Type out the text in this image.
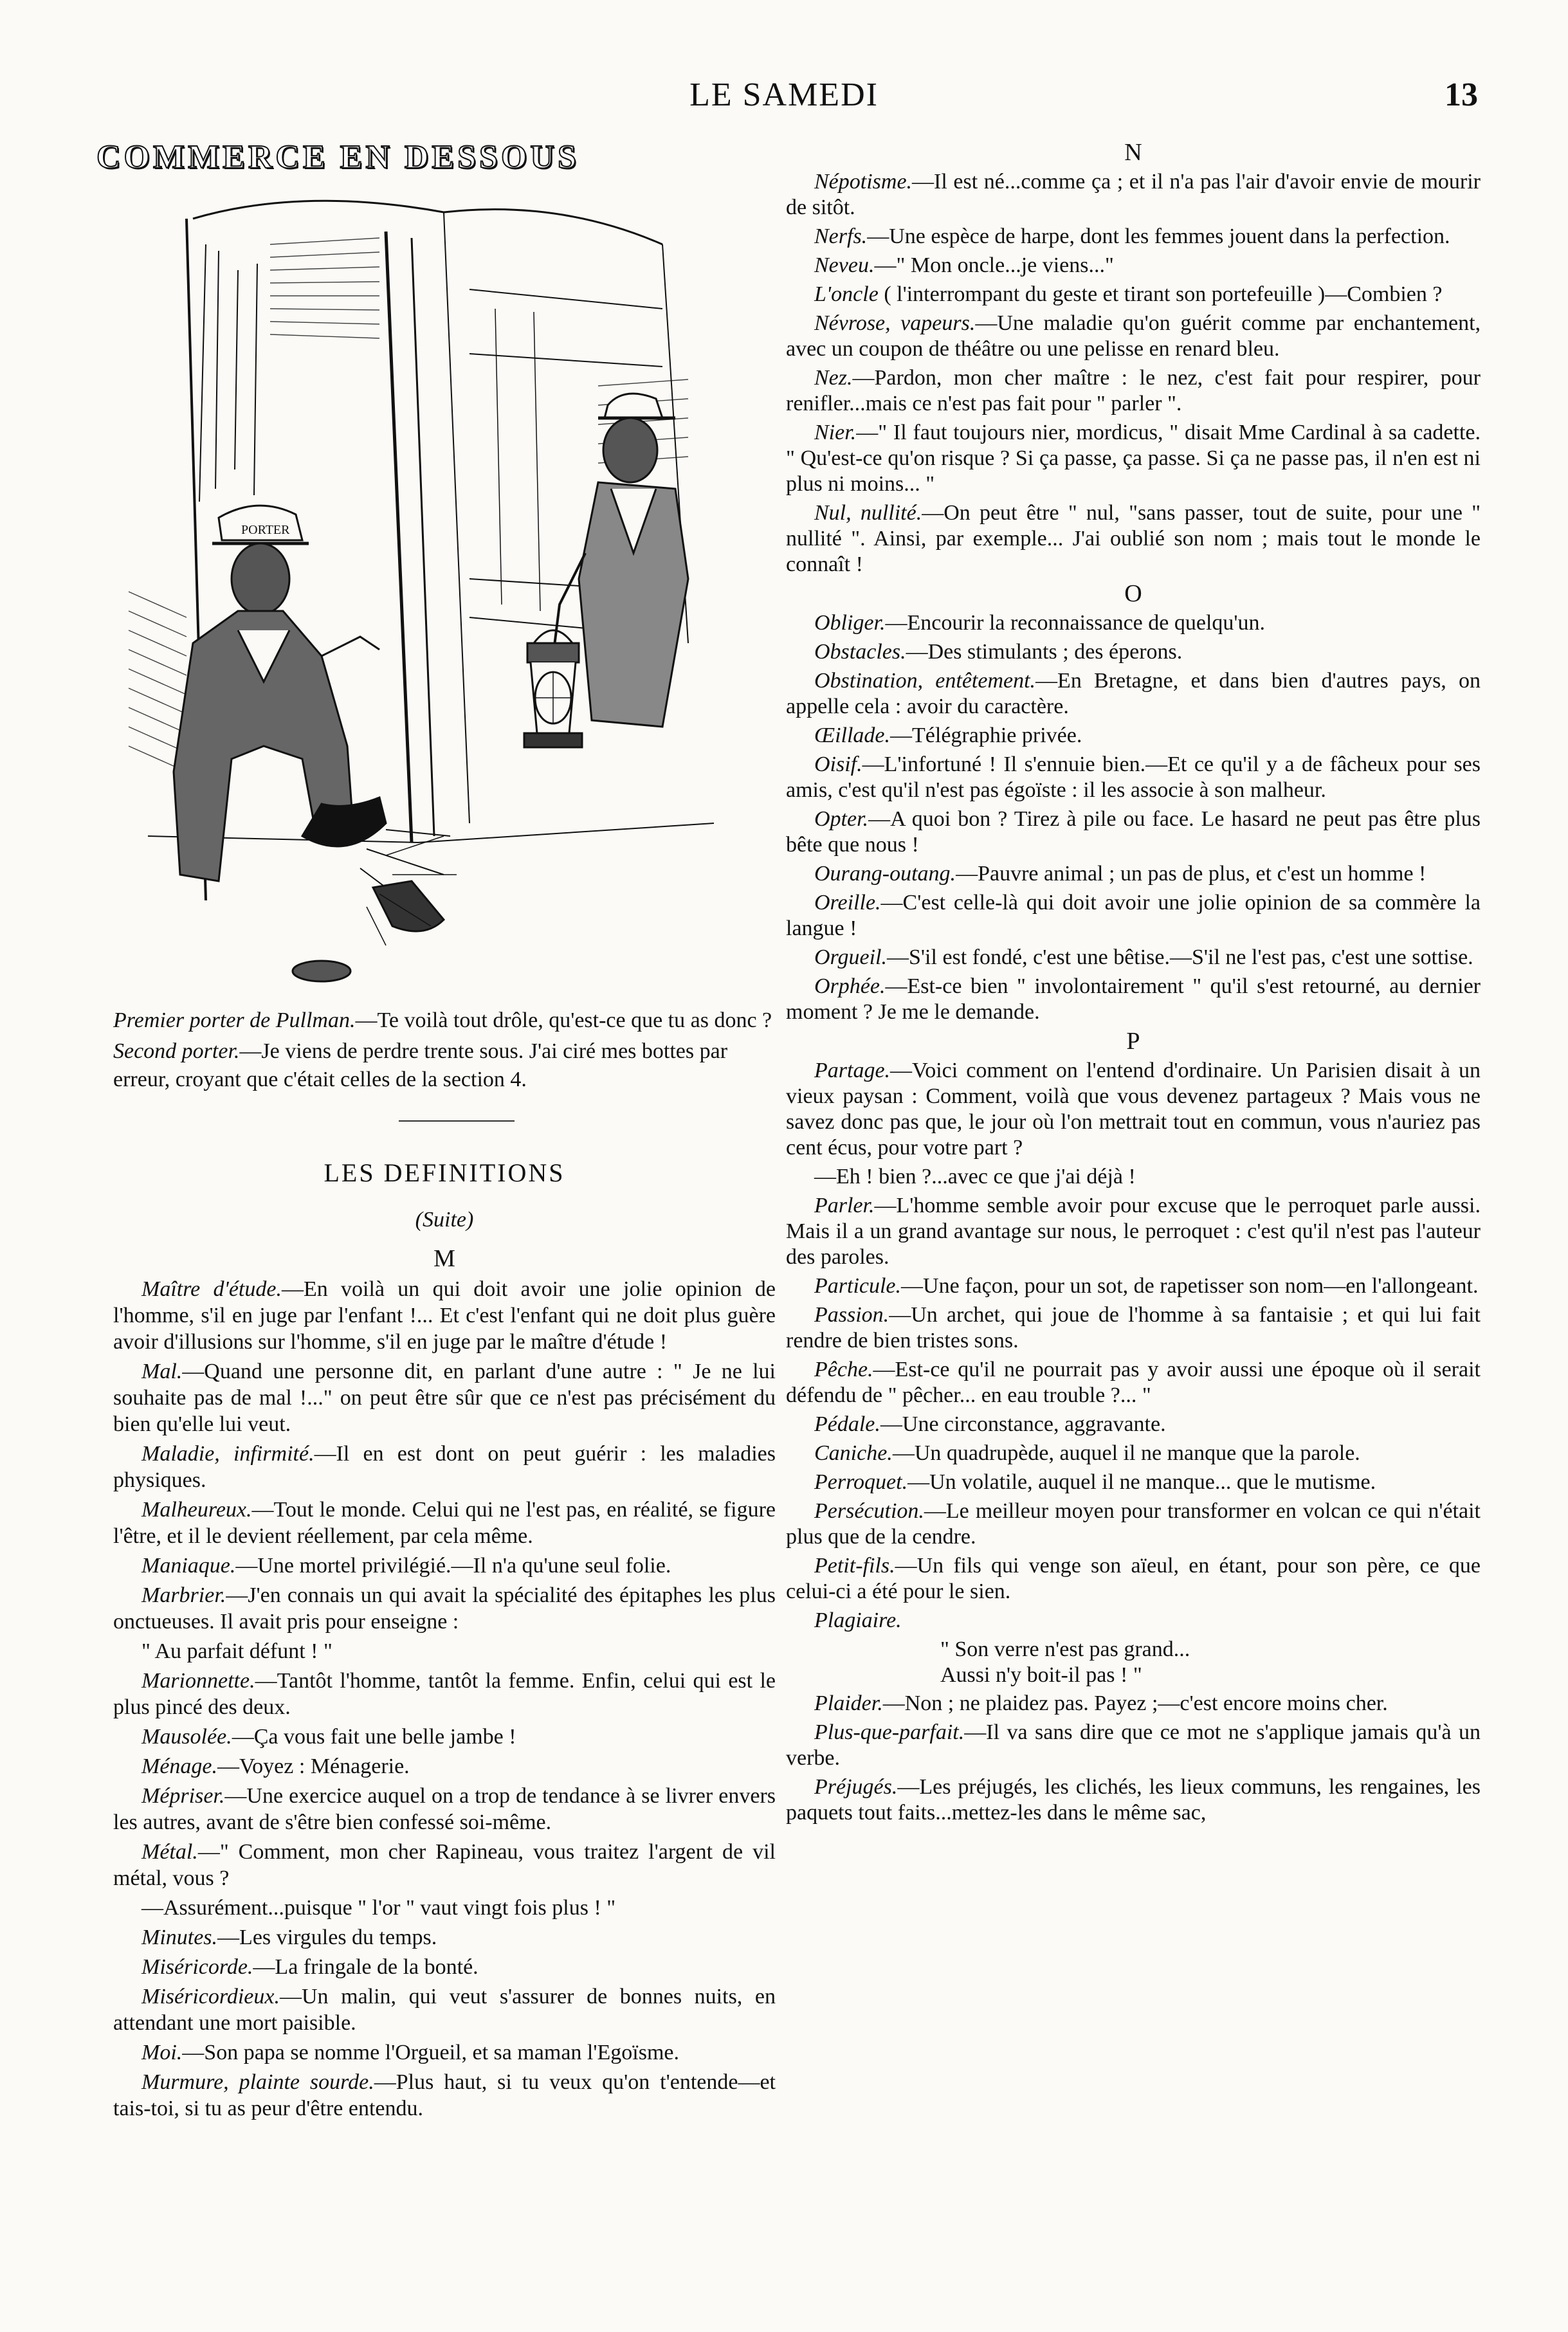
LE SAMEDI	13
COMMERCE EN DESSOUS
PORTER

Premier porter de Pullman.—Te voilà tout drôle, qu'est-ce que tu as donc ?

Second porter.—Je viens de perdre trente sous. J'ai ciré mes bottes par erreur, croyant que c'était celles de la section 4.

LES DEFINITIONS
(Suite)
M

Maître d'étude.—En voilà un qui doit avoir une jolie opinion de l'homme, s'il en juge par l'enfant !... Et c'est l'enfant qui ne doit plus guère avoir d'illusions sur l'homme, s'il en juge par le maître d'étude !

Mal.—Quand une personne dit, en parlant d'une autre : " Je ne lui souhaite pas de mal !..." on peut être sûr que ce n'est pas précisément du bien qu'elle lui veut.

Maladie, infirmité.—Il en est dont on peut guérir : les maladies physiques.

Malheureux.—Tout le monde. Celui qui ne l'est pas, en réalité, se figure l'être, et il le devient réellement, par cela même.

Maniaque.—Une mortel privilégié.—Il n'a qu'une seul folie.

Marbrier.—J'en connais un qui avait la spécialité des épitaphes les plus onctueuses. Il avait pris pour enseigne :

" Au parfait défunt ! "

Marionnette.—Tantôt l'homme, tantôt la femme. Enfin, celui qui est le plus pincé des deux.

Mausolée.—Ça vous fait une belle jambe !

Ménage.—Voyez : Ménagerie.

Mépriser.—Une exercice auquel on a trop de tendance à se livrer envers les autres, avant de s'être bien confessé soi-même.

Métal.—" Comment, mon cher Rapineau, vous traitez l'argent de vil métal, vous ?

—Assurément...puisque " l'or " vaut vingt fois plus ! "

Minutes.—Les virgules du temps.

Miséricorde.—La fringale de la bonté.

Miséricordieux.—Un malin, qui veut s'assurer de bonnes nuits, en attendant une mort paisible.

Moi.—Son papa se nomme l'Orgueil, et sa maman l'Egoïsme.

Murmure, plainte sourde.—Plus haut, si tu veux qu'on t'entende—et tais-toi, si tu as peur d'être entendu.

N

Népotisme.—Il est né...comme ça ; et il n'a pas l'air d'avoir envie de mourir de sitôt.

Nerfs.—Une espèce de harpe, dont les femmes jouent dans la perfection.

Neveu.—" Mon oncle...je viens..."

L'oncle ( l'interrompant du geste et tirant son portefeuille )—Combien ?

Névrose, vapeurs.—Une maladie qu'on guérit comme par enchantement, avec un coupon de théâtre ou une pelisse en renard bleu.

Nez.—Pardon, mon cher maître : le nez, c'est fait pour respirer, pour renifler...mais ce n'est pas fait pour " parler ".

Nier.—" Il faut toujours nier, mordicus, " disait Mme Cardinal à sa cadette. " Qu'est-ce qu'on risque ? Si ça passe, ça passe. Si ça ne passe pas, il n'en est ni plus ni moins... "

Nul, nullité.—On peut être " nul, "sans passer, tout de suite, pour une " nullité ". Ainsi, par exemple... J'ai oublié son nom ; mais tout le monde le connaît !

O

Obliger.—Encourir la reconnaissance de quelqu'un.

Obstacles.—Des stimulants ; des éperons.

Obstination, entêtement.—En Bretagne, et dans bien d'autres pays, on appelle cela : avoir du caractère.

Œillade.—Télégraphie privée.

Oisif.—L'infortuné ! Il s'ennuie bien.—Et ce qu'il y a de fâcheux pour ses amis, c'est qu'il n'est pas égoïste : il les associe à son malheur.

Opter.—A quoi bon ? Tirez à pile ou face. Le hasard ne peut pas être plus bête que nous !

Ourang-outang.—Pauvre animal ; un pas de plus, et c'est un homme !

Oreille.—C'est celle-là qui doit avoir une jolie opinion de sa commère la langue !

Orgueil.—S'il est fondé, c'est une bêtise.—S'il ne l'est pas, c'est une sottise.

Orphée.—Est-ce bien " involontairement " qu'il s'est retourné, au dernier moment ? Je me le demande.

P

Partage.—Voici comment on l'entend d'ordinaire. Un Parisien disait à un vieux paysan : Comment, voilà que vous devenez partageux ? Mais vous ne savez donc pas que, le jour où l'on mettrait tout en commun, vous n'auriez pas cent écus, pour votre part ?

—Eh ! bien ?...avec ce que j'ai déjà !

Parler.—L'homme semble avoir pour excuse que le perroquet parle aussi. Mais il a un grand avantage sur nous, le perroquet : c'est qu'il n'est pas l'auteur des paroles.

Particule.—Une façon, pour un sot, de rapetisser son nom—en l'allongeant.

Passion.—Un archet, qui joue de l'homme à sa fantaisie ; et qui lui fait rendre de bien tristes sons.

Pêche.—Est-ce qu'il ne pourrait pas y avoir aussi une époque où il serait défendu de " pêcher... en eau trouble ?... "

Pédale.—Une circonstance, aggravante.

Caniche.—Un quadrupède, auquel il ne manque que la parole.

Perroquet.—Un volatile, auquel il ne manque... que le mutisme.

Persécution.—Le meilleur moyen pour transformer en volcan ce qui n'était plus que de la cendre.

Petit-fils.—Un fils qui venge son aïeul, en étant, pour son père, ce que celui-ci a été pour le sien.

Plagiaire.

" Son verre n'est pas grand...
Aussi n'y boit-il pas ! "

Plaider.—Non ; ne plaidez pas. Payez ;—c'est encore moins cher.

Plus-que-parfait.—Il va sans dire que ce mot ne s'applique jamais qu'à un verbe.

Préjugés.—Les préjugés, les clichés, les lieux communs, les rengaines, les paquets tout faits...mettez-les dans le même sac,
